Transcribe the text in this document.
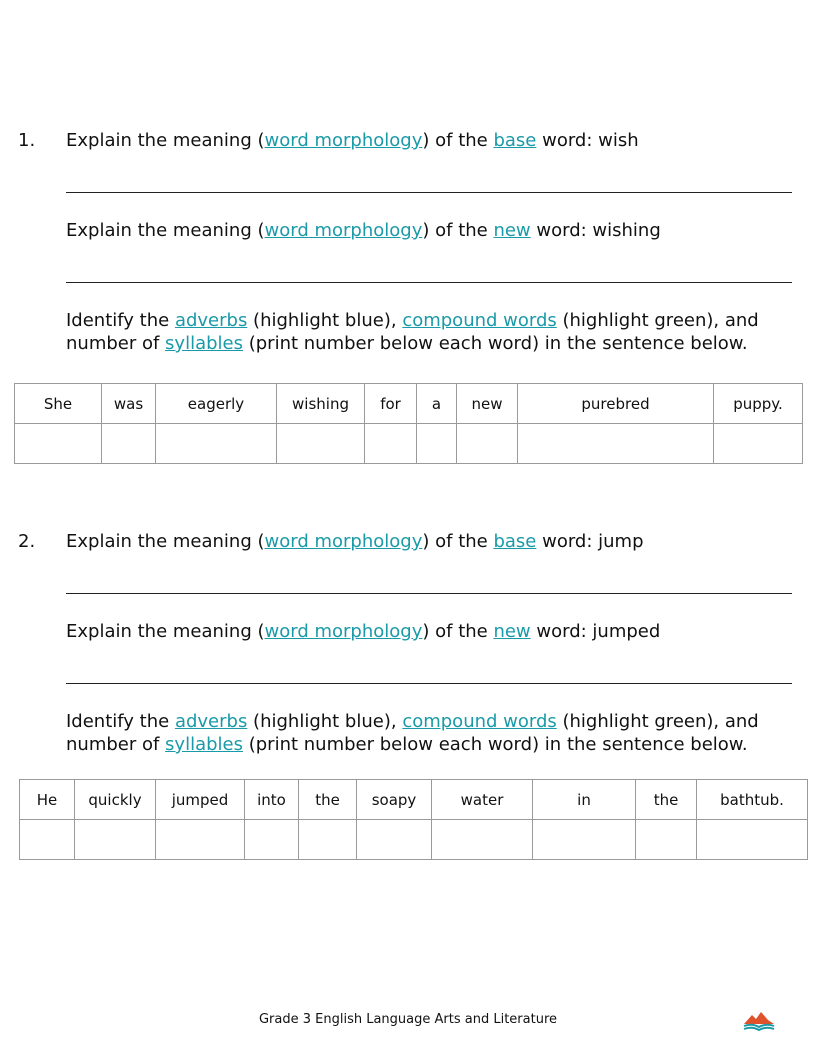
1. Explain the meaning (word morphology) of the base word: wish
Explain the meaning (word morphology) of the new word: wishing
Identify the adverbs (highlight blue), compound words (highlight green), and number of syllables (print number below each word) in the sentence below.
She	was	eagerly	wishing	for	a	new	purebred	puppy.

2. Explain the meaning (word morphology) of the base word: jump
Explain the meaning (word morphology) of the new word: jumped
Identify the adverbs (highlight blue), compound words (highlight green), and number of syllables (print number below each word) in the sentence below.
He	quickly	jumped	into	the	soapy	water	in	the	bathtub.

Grade 3 English Language Arts and Literature
